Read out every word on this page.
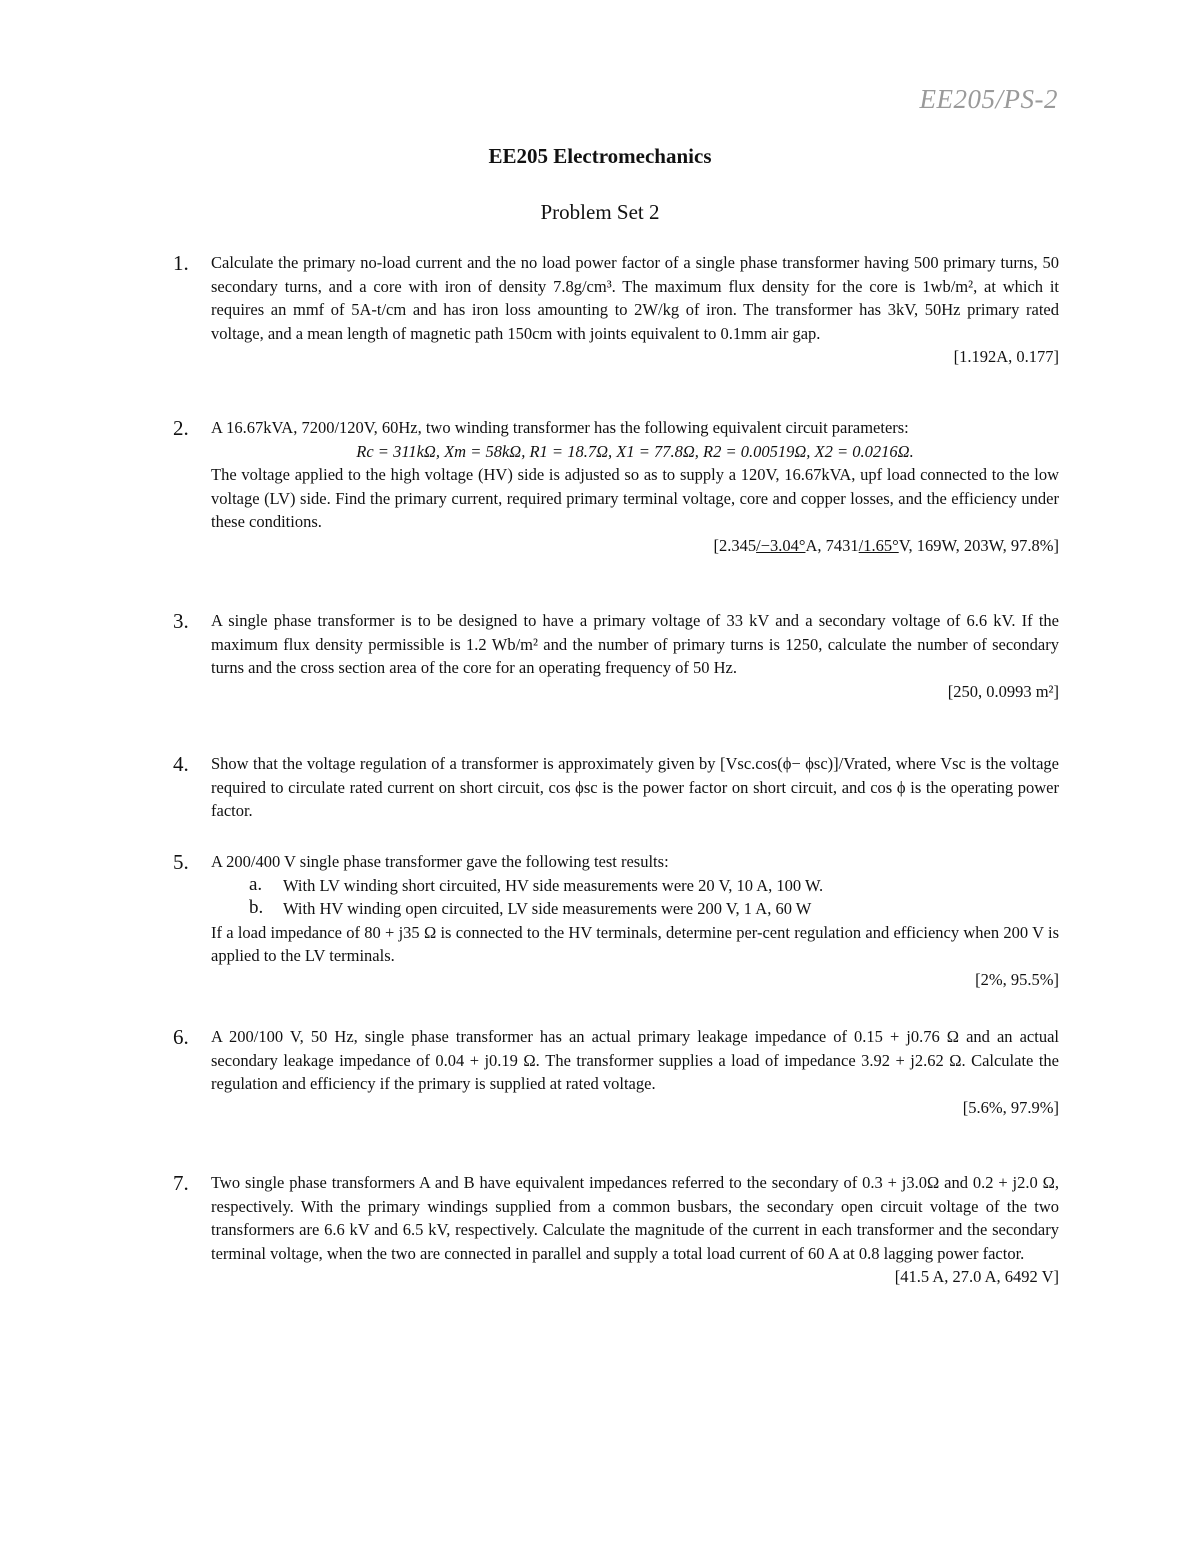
EE205/PS-2
EE205 Electromechanics
Problem Set 2
1.	Calculate the primary no-load current and the no load power factor of a single phase transformer having 500 primary turns, 50 secondary turns, and a core with iron of density 7.8g/cm³. The maximum flux density for the core is 1wb/m², at which it requires an mmf of 5A-t/cm and has iron loss amounting to 2W/kg of iron. The transformer has 3kV, 50Hz primary rated voltage, and a mean length of magnetic path 150cm with joints equivalent to 0.1mm air gap.

[1.192A, 0.177]

2.	A 16.67kVA, 7200/120V, 60Hz, two winding transformer has the following equivalent circuit parameters:

Rc = 311kΩ, Xm = 58kΩ, R1 = 18.7Ω, X1 = 77.8Ω, R2 = 0.00519Ω, X2 = 0.0216Ω.

The voltage applied to the high voltage (HV) side is adjusted so as to supply a 120V, 16.67kVA, upf load connected to the low voltage (LV) side. Find the primary current, required primary terminal voltage, core and copper losses, and the efficiency under these conditions.

[2.345/−3.04°A, 7431/1.65°V, 169W, 203W, 97.8%]

3.	A single phase transformer is to be designed to have a primary voltage of 33 kV and a secondary voltage of 6.6 kV. If the maximum flux density permissible is 1.2 Wb/m² and the number of primary turns is 1250, calculate the number of secondary turns and the cross section area of the core for an operating frequency of 50 Hz.

[250, 0.0993 m²]

4.	Show that the voltage regulation of a transformer is approximately given by [Vsc.cos(ϕ− ϕsc)]/Vrated, where Vsc is the voltage required to circulate rated current on short circuit, cos ϕsc is the power factor on short circuit, and cos ϕ is the operating power factor.

5.	A 200/400 V single phase transformer gave the following test results:

a. With LV winding short circuited, HV side measurements were 20 V, 10 A, 100 W.

b. With HV winding open circuited, LV side measurements were 200 V, 1 A, 60 W

If a load impedance of 80 + j35 Ω is connected to the HV terminals, determine per-cent regulation and efficiency when 200 V is applied to the LV terminals.

[2%, 95.5%]

6.	A 200/100 V, 50 Hz, single phase transformer has an actual primary leakage impedance of 0.15 + j0.76 Ω and an actual secondary leakage impedance of 0.04 + j0.19 Ω. The transformer supplies a load of impedance 3.92 + j2.62 Ω. Calculate the regulation and efficiency if the primary is supplied at rated voltage.

[5.6%, 97.9%]

7.	Two single phase transformers A and B have equivalent impedances referred to the secondary of 0.3 + j3.0Ω and 0.2 + j2.0 Ω, respectively. With the primary windings supplied from a common busbars, the secondary open circuit voltage of the two transformers are 6.6 kV and 6.5 kV, respectively. Calculate the magnitude of the current in each transformer and the secondary terminal voltage, when the two are connected in parallel and supply a total load current of 60 A at 0.8 lagging power factor.

[41.5 A, 27.0 A, 6492 V]
